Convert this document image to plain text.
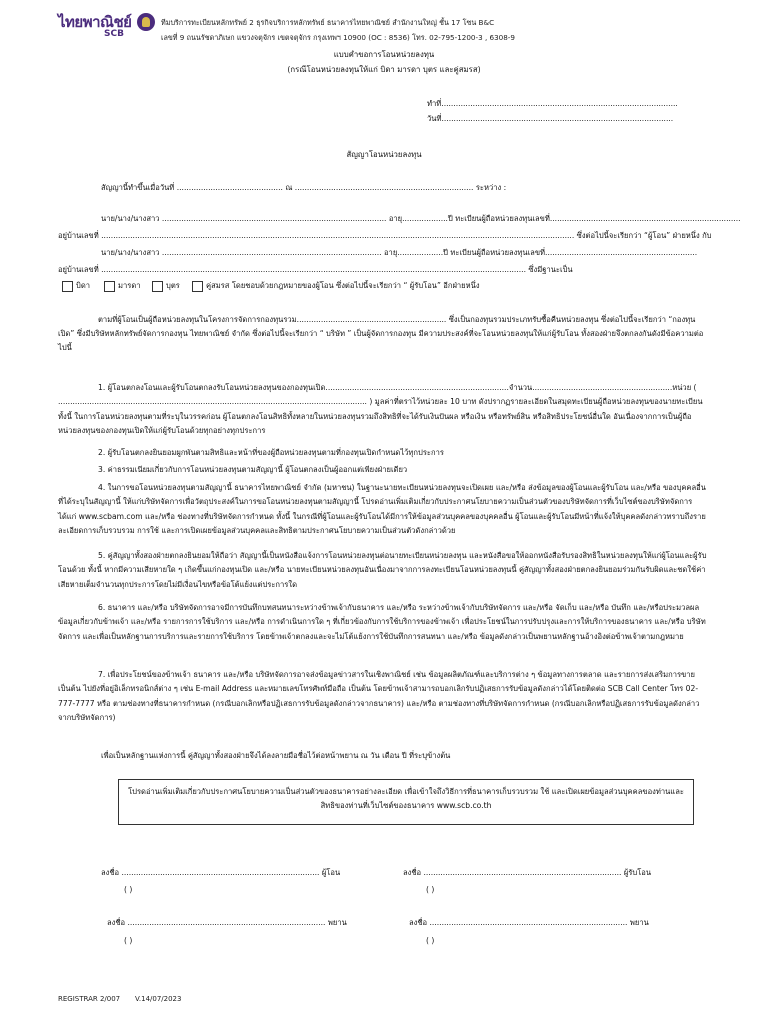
ไทยพาณิชย์
SCB
ทีมบริการทะเบียนหลักทรัพย์ 2 ธุรกิจบริการหลักทรัพย์ ธนาคารไทยพาณิชย์ สำนักงานใหญ่ ชั้น 17 โซน B&C
เลขที่ 9 ถนนรัชดาภิเษก แขวงจตุจักร เขตจตุจักร กรุงเทพฯ 10900 (OC : 8536) โทร. 02-795-1200-3 , 6308-9
แบบคำขอการโอนหน่วยลงทุน
(กรณีโอนหน่วยลงทุนให้แก่ บิดา มารดา บุตร และคู่สมรส)
ทำที่..................................................................................................
วันที่................................................................................................
สัญญาโอนหน่วยลงทุน
สัญญานี้ทำขึ้นเมื่อวันที่ ............................................ ณ .......................................................................... ระหว่าง :
นาย/นาง/นางสาว ............................................................................................. อายุ...................ปี ทะเบียนผู้ถือหน่วยลงทุนเลขที่...............................................................................
อยู่บ้านเลขที่ .................................................................................................................................................................................................... ซึ่งต่อไปนี้จะเรียกว่า “ผู้โอน” ฝ่ายหนึ่ง กับ
นาย/นาง/นางสาว ........................................................................................... อายุ...................ปี ทะเบียนผู้ถือหน่วยลงทุนเลขที่...............................................................
อยู่บ้านเลขที่ ................................................................................................................................................................................ ซึ่งมีฐานะเป็น
บิดา	มารดา	บุตร	คู่สมรส โดยชอบด้วยกฎหมายของผู้โอน ซึ่งต่อไปนี้จะเรียกว่า “ ผู้รับโอน” อีกฝ่ายหนึ่ง
ตามที่ผู้โอนเป็นผู้ถือหน่วยลงทุนในโครงการจัดการกองทุนรวม.............................................................. ซึ่งเป็นกองทุนรวมประเภทรับซื้อคืนหน่วยลงทุน ซึ่งต่อไปนี้จะเรียกว่า “กองทุนเปิด” ซึ่งมีบริษัทหลักทรัพย์จัดการกองทุน ไทยพาณิชย์ จำกัด ซึ่งต่อไปนี้จะเรียกว่า “ บริษัท ” เป็นผู้จัดการกองทุน มีความประสงค์ที่จะโอนหน่วยลงทุนให้แก่ผู้รับโอน ทั้งสองฝ่ายจึงตกลงกันดังมีข้อความต่อไปนี้
1. ผู้โอนตกลงโอนและผู้รับโอนตกลงรับโอนหน่วยลงทุนของกองทุนเปิด............................................................................จำนวน..........................................................หน่วย ( ................................................................................................................................ ) มูลค่าที่ตราไว้หน่วยละ 10 บาท ดังปรากฏรายละเอียดในสมุดทะเบียนผู้ถือหน่วยลงทุนของนายทะเบียน ทั้งนี้ ในการโอนหน่วยลงทุนตามที่ระบุในวรรคก่อน ผู้โอนตกลงโอนสิทธิทั้งหลายในหน่วยลงทุนรวมถึงสิทธิที่จะได้รับเงินปันผล หรือเงิน หรือทรัพย์สิน หรือสิทธิประโยชน์อื่นใด อันเนื่องจากการเป็นผู้ถือหน่วยลงทุนของกองทุนเปิดให้แก่ผู้รับโอนด้วยทุกอย่างทุกประการ
2. ผู้รับโอนตกลงยินยอมผูกพันตามสิทธิและหน้าที่ของผู้ถือหน่วยลงทุนตามที่กองทุนเปิดกำหนดไว้ทุกประการ
3. ค่าธรรมเนียมเกี่ยวกับการโอนหน่วยลงทุนตามสัญญานี้ ผู้โอนตกลงเป็นผู้ออกแต่เพียงฝ่ายเดียว
4. ในการขอโอนหน่วยลงทุนตามสัญญานี้ ธนาคารไทยพาณิชย์ จำกัด (มหาชน) ในฐานะนายทะเบียนหน่วยลงทุนจะเปิดเผย และ/หรือ ส่งข้อมูลของผู้โอนและผู้รับโอน และ/หรือ ของบุคคลอื่นที่ได้ระบุในสัญญานี้ ให้แก่บริษัทจัดการเพื่อวัตถุประสงค์ในการขอโอนหน่วยลงทุนตามสัญญานี้ โปรดอ่านเพิ่มเติมเกี่ยวกับประกาศนโยบายความเป็นส่วนตัวของบริษัทจัดการที่เว็บไซต์ของบริษัทจัดการ ได้แก่ www.scbam.com และ/หรือ ช่องทางที่บริษัทจัดการกำหนด ทั้งนี้ ในกรณีที่ผู้โอนและผู้รับโอนได้มีการให้ข้อมูลส่วนบุคคลของบุคคลอื่น ผู้โอนและผู้รับโอนมีหน้าที่แจ้งให้บุคคลดังกล่าวทราบถึงรายละเอียดการเก็บรวบรวม การใช้ และการเปิดเผยข้อมูลส่วนบุคคลและสิทธิตามประกาศนโยบายความเป็นส่วนตัวดังกล่าวด้วย
5. คู่สัญญาทั้งสองฝ่ายตกลงยินยอมให้ถือว่า สัญญานี้เป็นหนังสือแจ้งการโอนหน่วยลงทุนต่อนายทะเบียนหน่วยลงทุน และหนังสือขอให้ออกหนังสือรับรองสิทธิในหน่วยลงทุนให้แก่ผู้โอนและผู้รับโอนด้วย ทั้งนี้ หากมีความเสียหายใด ๆ เกิดขึ้นแก่กองทุนเปิด และ/หรือ นายทะเบียนหน่วยลงทุนอันเนื่องมาจากการลงทะเบียนโอนหน่วยลงทุนนี้ คู่สัญญาทั้งสองฝ่ายตกลงยินยอมร่วมกันรับผิดและชดใช้ค่าเสียหายเต็มจำนวนทุกประการโดยไม่มีเงื่อนไขหรือข้อโต้แย้งแต่ประการใด
6. ธนาคาร และ/หรือ บริษัทจัดการอาจมีการบันทึกบทสนทนาระหว่างข้าพเจ้ากับธนาคาร และ/หรือ ระหว่างข้าพเจ้ากับบริษัทจัดการ และ/หรือ จัดเก็บ และ/หรือ บันทึก และ/หรือประมวลผลข้อมูลเกี่ยวกับข้าพเจ้า และ/หรือ รายการการใช้บริการ และ/หรือ การดำเนินการใด ๆ ที่เกี่ยวข้องกับการใช้บริการของข้าพเจ้า เพื่อประโยชน์ในการปรับปรุงและการให้บริการของธนาคาร และ/หรือ บริษัทจัดการ และเพื่อเป็นหลักฐานการบริการและรายการใช้บริการ โดยข้าพเจ้าตกลงและจะไม่โต้แย้งการใช้บันทึกการสนทนา และ/หรือ ข้อมูลดังกล่าวเป็นพยานหลักฐานอ้างอิงต่อข้าพเจ้าตามกฎหมาย
7. เพื่อประโยชน์ของข้าพเจ้า ธนาคาร และ/หรือ บริษัทจัดการอาจส่งข้อมูลข่าวสารในเชิงพาณิชย์ เช่น ข้อมูลผลิตภัณฑ์และบริการต่าง ๆ ข้อมูลทางการตลาด และรายการส่งเสริมการขาย เป็นต้น ไปยังที่อยู่อิเล็กทรอนิกส์ต่าง ๆ เช่น E-mail Address และหมายเลขโทรศัพท์มือถือ เป็นต้น โดยข้าพเจ้าสามารถบอกเลิกรับปฏิเสธการรับข้อมูลดังกล่าวได้โดยติดต่อ SCB Call Center โทร 02-777-7777 หรือ ตามช่องทางที่ธนาคารกำหนด (กรณีบอกเลิกหรือปฏิเสธการรับข้อมูลดังกล่าวจากธนาคาร) และ/หรือ ตามช่องทางที่บริษัทจัดการกำหนด (กรณีบอกเลิกหรือปฏิเสธการรับข้อมูลดังกล่าวจากบริษัทจัดการ)
เพื่อเป็นหลักฐานแห่งการนี้ คู่สัญญาทั้งสองฝ่ายจึงได้ลงลายมือชื่อไว้ต่อหน้าพยาน ณ วัน เดือน ปี ที่ระบุข้างต้น
โปรดอ่านเพิ่มเติมเกี่ยวกับประกาศนโยบายความเป็นส่วนตัวของธนาคารอย่างละเอียด เพื่อเข้าใจถึงวิธีการที่ธนาคารเก็บรวบรวม ใช้ และเปิดเผยข้อมูลส่วนบุคคลของท่านและ
สิทธิของท่านที่เว็บไซต์ของธนาคาร www.scb.co.th
ลงชื่อ .................................................................................. ผู้โอน
( )
ลงชื่อ .................................................................................. ผู้รับโอน
( )
ลงชื่อ .................................................................................. พยาน
( )
ลงชื่อ .................................................................................. พยาน
( )
REGISTRAR 2/007 V.14/07/2023
